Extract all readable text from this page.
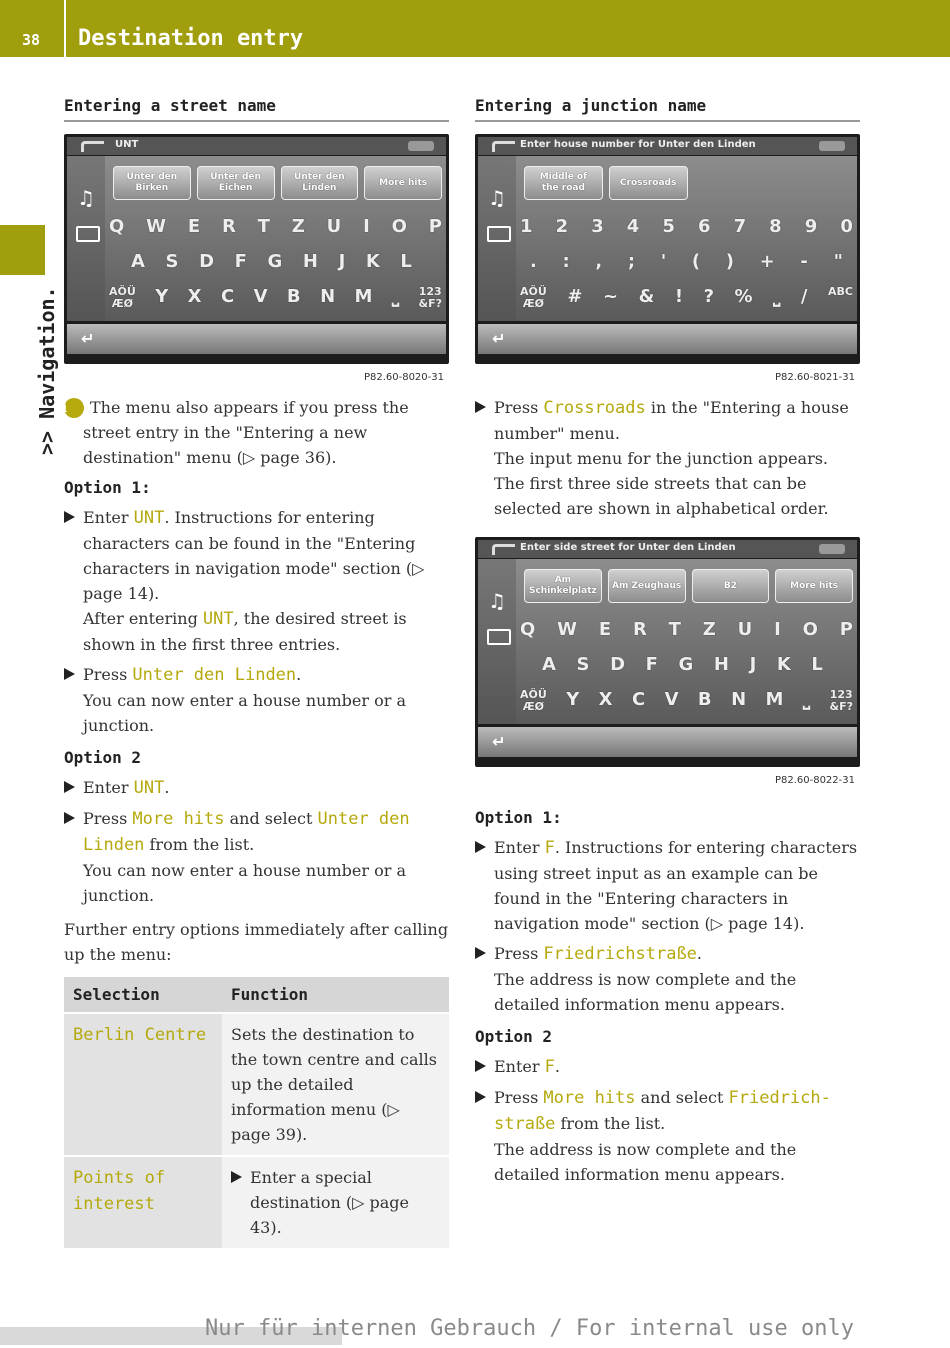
38 Destination entry
>> Navigation.
Entering a street name
UNT
♫
Unter den
Birken
Unter den
Eichen
Unter den
Linden
More hits
Q W E R T Z U I O P
A S D F G H J K L
AÖÜ
ÆØ Y X C V B N M ⎵ 123
&F?
↵
P82.60-8020-31

i The menu also appears if you press the street entry in the "Entering a new destination" menu (▷ page 36).

Option 1:

Enter UNT. Instructions for entering characters can be found in the "Entering characters in navigation mode" section (▷ page 14).
After entering UNT, the desired street is shown in the first three entries.
Press Unter den Linden.
You can now enter a house number or a junction.

Option 2

Enter UNT.
Press More hits and select Unter den Linden from the list.
You can now enter a house number or a junction.

Further entry options immediately after calling up the menu:

Selection	Function
Berlin Centre	Sets the destination to the town centre and calls up the detailed information menu (▷ page 39).
Points of interest	Enter a special destination (▷ page 43).
Entering a junction name
Enter house number for Unter den Linden
♫
Middle of
the road
Crossroads
1 2 3 4 5 6 7 8 9 0
. : , ; ' ( ) + - "
AÖÜ
ÆØ # ~ & ! ? % ⎵ / ABC
↵
P82.60-8021-31
Press Crossroads in the "Entering a house number" menu.
The input menu for the junction appears. The first three side streets that can be selected are shown in alphabetical order.
Enter side street for Unter den Linden
♫
Am
Schinkelplatz
Am Zeughaus	B2	More hits
Q W E R T Z U I O P
A S D F G H J K L
AÖÜ
ÆØ Y X C V B N M ⎵ 123
&F?
↵
P82.60-8022-31

Option 1:

Enter F. Instructions for entering characters using street input as an example can be found in the "Entering characters in navigation mode" section (▷ page 14).
Press Friedrichstraße.
The address is now complete and the detailed information menu appears.

Option 2

Enter F.
Press More hits and select Friedrich-straße from the list.
The address is now complete and the detailed information menu appears.
Nur für internen Gebrauch / For internal use only
